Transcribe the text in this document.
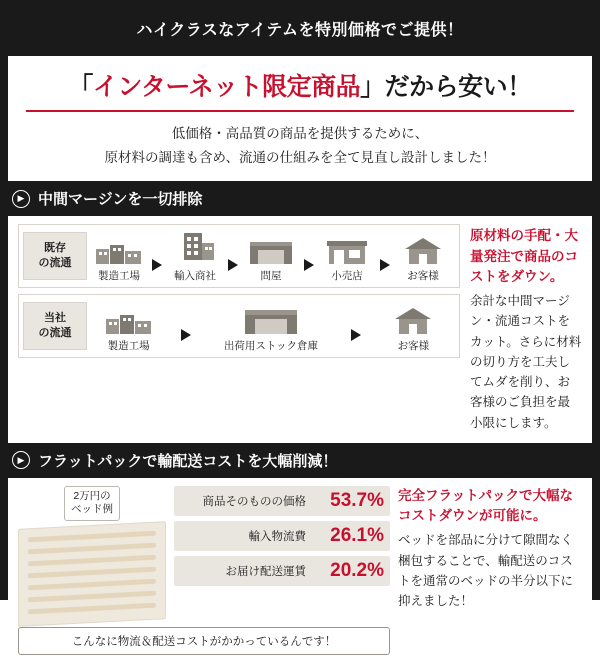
ハイクラスなアイテムを特別価格でご提供！
「インターネット限定商品」だから安い！
低価格・高品質の商品を提供するために、
原材料の調達も含め、流通の仕組みを全て見直し設計しました！
▶ 中間マージンを一切排除
既存
の流通
製造工場	輸入商社	問屋	小売店	お客様
当社
の流通
製造工場	出荷用ストック倉庫	お客様
原材料の手配・大量発注で商品のコストをダウン。
余計な中間マージン・流通コストをカット。さらに材料の切り方を工夫してムダを削り、お客様のご負担を最小限にします。
▶ フラットパックで輸配送コストを大幅削減！
2万円の
ベッド例
商品そのものの価格	53.7%
輸入物流費	26.1%
お届け配送運賃	20.2%
こんなに物流＆配送コストがかかっているんです！
完全フラットパックで大幅なコストダウンが可能に。
ベッドを部品に分けて隙間なく梱包することで、輸配送のコストを通常のベッドの半分以下に抑えました！
